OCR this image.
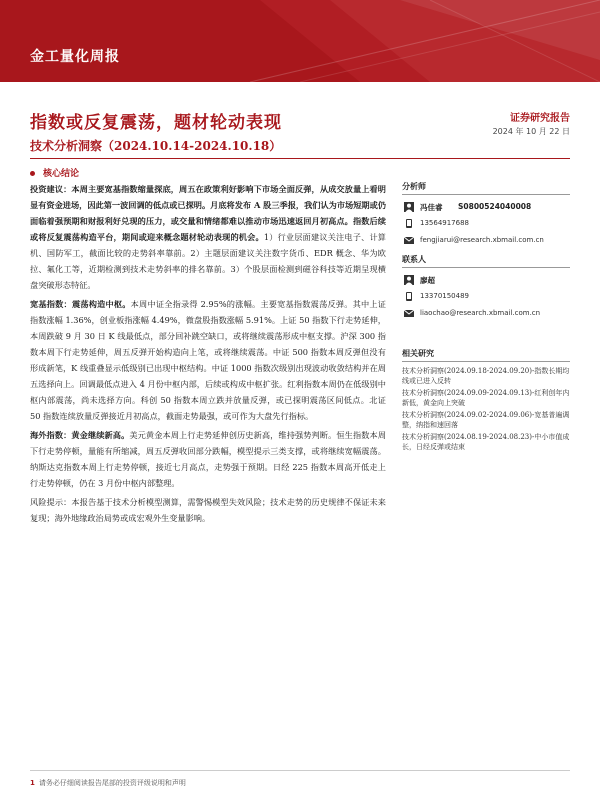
金工量化周报
指数或反复震荡，题材轮动表现
技术分析洞察（2024.10.14-2024.10.18）
证券研究报告
2024 年 10 月 22 日
核心结论

投资建议：本周主要宽基指数缩量探底，周五在政策利好影响下市场全面反弹，从成交放量上看明显有资金进场，因此第一波回调的低点或已探明。月底将发布 A 股三季报，我们认为市场短期或仍面临着强预期和财报利好兑现的压力，或交量和情绪都难以推动市场迅速返回月初高点。指数后续或将反复震荡构造平台，期间或迎来概念题材轮动表现的机会。1）行业层面建议关注电子、计算机、国防军工，截面比较的走势斜率靠前。2）主题层面建议关注数字货币、EDR 概念、华为欧拉、氟化工等，近期检测到技术走势斜率的排名靠前。3）个股层面检测到磁谷科技等近期呈现横盘突破形态特征。

宽基指数：震荡构造中枢。本周中证全指录得 2.95%的涨幅。主要宽基指数震荡反弹。其中上证指数涨幅 1.36%，创业板指涨幅 4.49%，微盘股指数涨幅 5.91%。上证 50 指数下行走势延伸，本周跌破 9 月 30 日 K 线最低点，部分回补跳空缺口，或将继续震荡形成中枢支撑。沪深 300 指数本周下行走势延伸，周五反弹开始构造向上笔，或将继续震荡。中证 500 指数本周反弹但没有形成新笔，K 线重叠显示低级别已出现中枢结构。中证 1000 指数次级别出现波动收敛结构并在周五选择向上。回调最低点进入 4 月份中枢内部，后续或构成中枢扩张。红利指数本周仍在低级别中枢内部震荡，尚未选择方向。科创 50 指数本周立跌并放量反弹，或已探明震荡区间低点。北证 50 指数连续放量反弹接近月初高点，截面走势最强，或可作为大盘先行指标。

海外指数：黄金继续新高。美元黄金本周上行走势延伸创历史新高，维持强势判断。恒生指数本周下行走势停顿，量能有所缩减，周五反弹收回部分跌幅，模型提示三类支撑，或将继续宽幅震荡。纳斯达克指数本周上行走势停顿，接近七月高点，走势强于预期。日经 225 指数本周高开低走上行走势停顿，仍在 3 月份中枢内部整理。

风险提示：本报告基于技术分析模型测算，需警惕模型失效风险；技术走势的历史规律不保证未来复现；海外地缘政治局势或成宏观外生变量影响。

分析师
冯佳睿 S0800524040008
13564917688
fengjiarui@research.xbmail.com.cn
联系人
廖超
13370150489
liaochao@research.xbmail.com.cn
相关研究
技术分析洞察(2024.09.18-2024.09.20)-指数长期均线或已进入反转
技术分析洞察(2024.09.09-2024.09.13)-红利创年内新低，黄金向上突破
技术分析洞察(2024.09.02-2024.09.06)-宽基普遍调整，纳指和速回落
技术分析洞察(2024.08.19-2024.08.23)-中小市值成长，日经反弹或结束
1 请务必仔细阅读报告尾部的投资评级说明和声明
